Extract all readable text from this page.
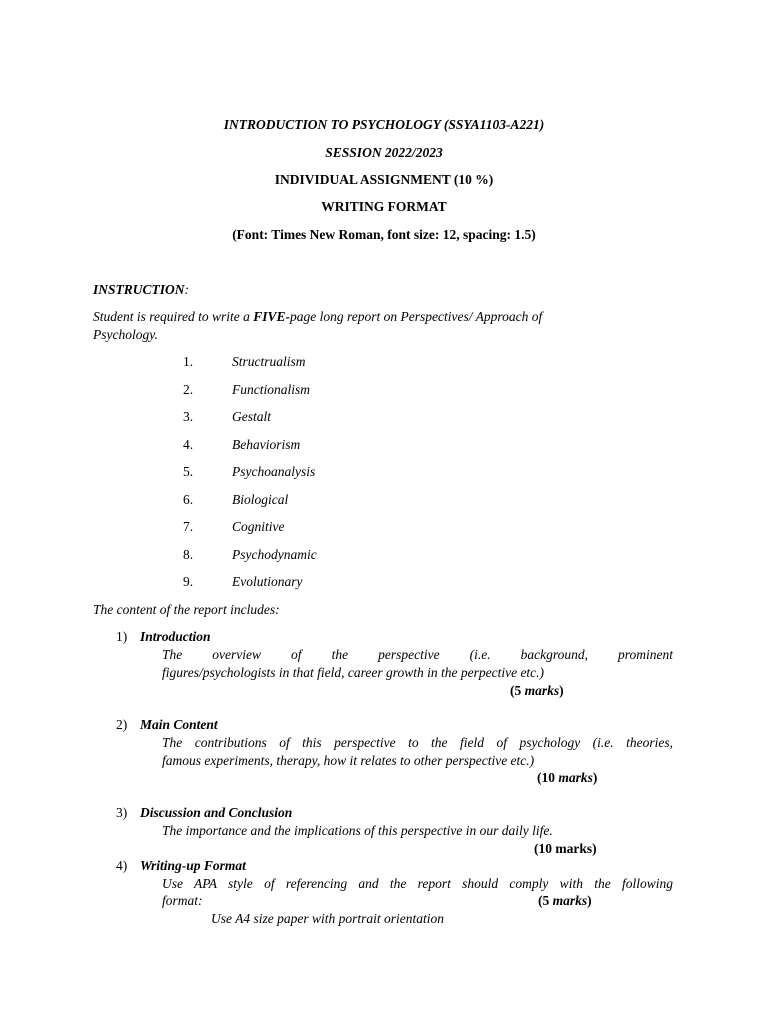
INTRODUCTION TO PSYCHOLOGY (SSYA1103-A221)
SESSION 2022/2023
INDIVIDUAL ASSIGNMENT (10 %)
WRITING FORMAT
(Font: Times New Roman, font size: 12, spacing: 1.5)
INSTRUCTION:
Student is required to write a FIVE-page long report on Perspectives/ Approach of
Psychology.
1.	Structrualism
2.	Functionalism
3.	Gestalt
4.	Behaviorism
5.	Psychoanalysis
6.	Biological
7.	Cognitive
8.	Psychodynamic
9.	Evolutionary
The content of the report includes:
1) Introduction
The overview of the perspective (i.e. background, prominent
figures/psychologists in that field, career growth in the perpective etc.)
(5 marks)
2) Main Content
The contributions of this perspective to the field of psychology (i.e. theories,
famous experiments, therapy, how it relates to other perspective etc.)
(10 marks)
3) Discussion and Conclusion
The importance and the implications of this perspective in our daily life.
(10 marks)
4) Writing-up Format
Use APA style of referencing and the report should comply with the following
format:	(5 marks)
Use A4 size paper with portrait orientation
